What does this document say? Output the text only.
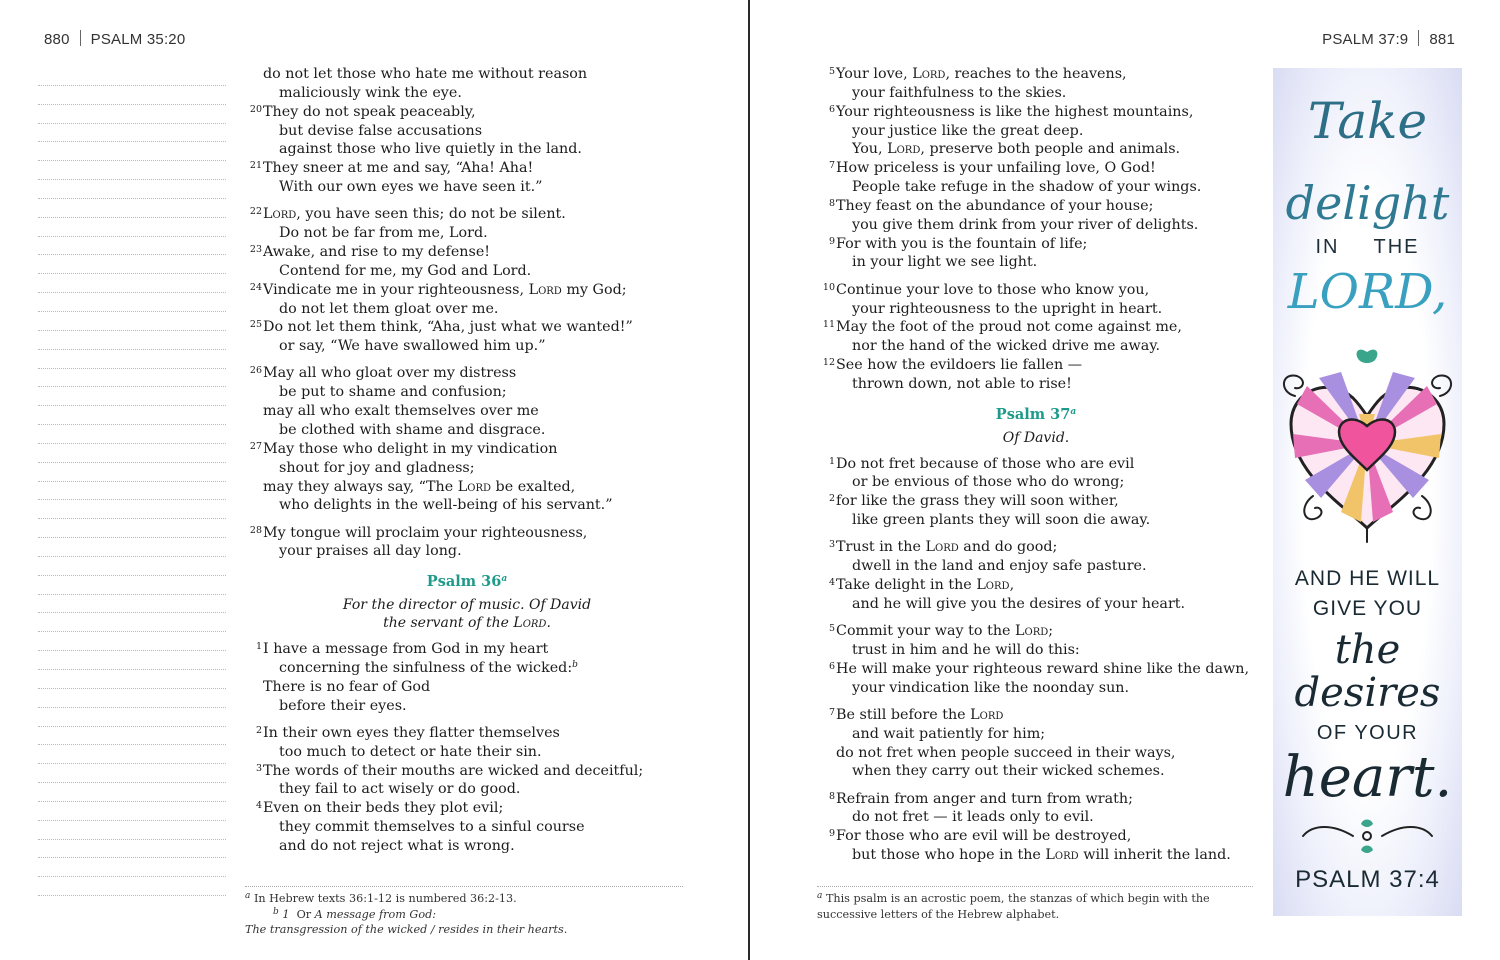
880 PSALM 35:20
do not let those who hate me without reason
maliciously wink the eye.
20They do not speak peaceably,
but devise false accusations
against those who live quietly in the land.
21They sneer at me and say, “Aha! Aha!
With our own eyes we have seen it.”
22Lord, you have seen this; do not be silent.
Do not be far from me, Lord.
23Awake, and rise to my defense!
Contend for me, my God and Lord.
24Vindicate me in your righteousness, Lord my God;
do not let them gloat over me.
25Do not let them think, “Aha, just what we wanted!”
or say, “We have swallowed him up.”
26May all who gloat over my distress
be put to shame and confusion;
may all who exalt themselves over me
be clothed with shame and disgrace.
27May those who delight in my vindication
shout for joy and gladness;
may they always say, “The Lord be exalted,
who delights in the well-being of his servant.”
28My tongue will proclaim your righteousness,
your praises all day long.
Psalm 36$^a$
For the director of music. Of David
the servant of the Lord.
1I have a message from God in my heart
concerning the sinfulness of the wicked:$^b$
There is no fear of God
before their eyes.
2In their own eyes they flatter themselves
too much to detect or hate their sin.
3The words of their mouths are wicked and deceitful;
they fail to act wisely or do good.
4Even on their beds they plot evil;
they commit themselves to a sinful course
and do not reject what is wrong.
$^a$ In Hebrew texts 36:1-12 is numbered 36:2-13. $^b$ 1 Or A message from God:
The transgression of the wicked / resides in their hearts.
PSALM 37:9 881
5Your love, Lord, reaches to the heavens,
your faithfulness to the skies.
6Your righteousness is like the highest mountains,
your justice like the great deep.
You, Lord, preserve both people and animals.
7How priceless is your unfailing love, O God!
People take refuge in the shadow of your wings.
8They feast on the abundance of your house;
you give them drink from your river of delights.
9For with you is the fountain of life;
in your light we see light.
10Continue your love to those who know you,
your righteousness to the upright in heart.
11May the foot of the proud not come against me,
nor the hand of the wicked drive me away.
12See how the evildoers lie fallen —
thrown down, not able to rise!
Psalm 37$^a$
Of David.
1Do not fret because of those who are evil
or be envious of those who do wrong;
2for like the grass they will soon wither,
like green plants they will soon die away.
3Trust in the Lord and do good;
dwell in the land and enjoy safe pasture.
4Take delight in the Lord,
and he will give you the desires of your heart.
5Commit your way to the Lord;
trust in him and he will do this:
6He will make your righteous reward shine like the dawn,
your vindication like the noonday sun.
7Be still before the Lord
and wait patiently for him;
do not fret when people succeed in their ways,
when they carry out their wicked schemes.
8Refrain from anger and turn from wrath;
do not fret — it leads only to evil.
9For those who are evil will be destroyed,
but those who hope in the Lord will inherit the land.
$^a$ This psalm is an acrostic poem, the stanzas of which begin with the
successive letters of the Hebrew alphabet.
Take
delight
IN THE
LORD,
AND HE WILL
GIVE YOU
the
desires
OF YOUR
heart.
PSALM 37:4
